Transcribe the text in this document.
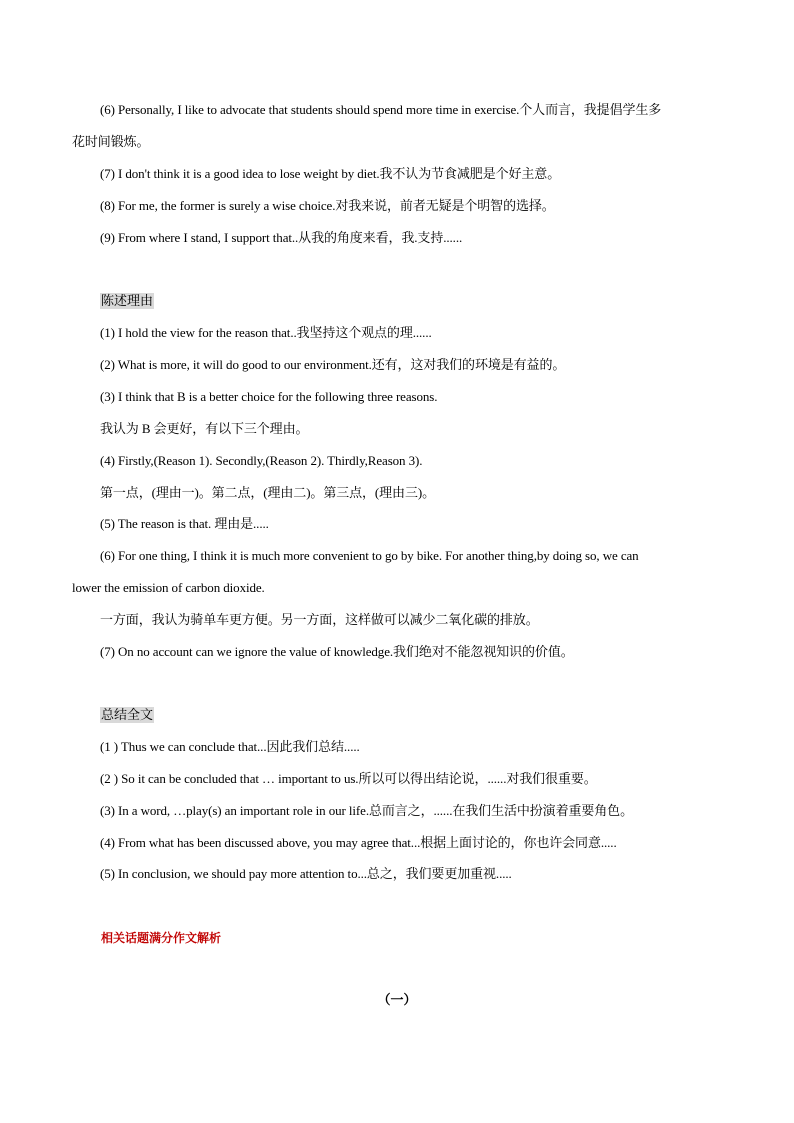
(6) Personally, I like to advocate that students should spend more time in exercise.个人而言，我提倡学生多
花时间锻炼。
(7) I don't think it is a good idea to lose weight by diet.我不认为节食减肥是个好主意。
(8) For me, the former is surely a wise choice.对我来说，前者无疑是个明智的选择。
(9) From where I stand, I support that..从我的角度来看，我.支持......
陈述理由
(1) I hold the view for the reason that..我坚持这个观点的理......
(2) What is more, it will do good to our environment.还有，这对我们的环境是有益的。
(3) I think that B is a better choice for the following three reasons.
我认为 B 会更好，有以下三个理由。
(4) Firstly,(Reason 1). Secondly,(Reason 2). Thirdly,Reason 3).
第一点，(理由一)。第二点，(理由二)。第三点，(理由三)。
(5) The reason is that. 理由是.....
(6) For one thing, I think it is much more convenient to go by bike. For another thing,by doing so, we can
lower the emission of carbon dioxide.
一方面，我认为骑单车更方便。另一方面，这样做可以减少二氧化碳的排放。
(7) On no account can we ignore the value of knowledge.我们绝对不能忽视知识的价值。
总结全文
(1 ) Thus we can conclude that...因此我们总结.....
(2 ) So it can be concluded that … important to us.所以可以得出结论说，......对我们很重要。
(3) In a word, …play(s) an important role in our life.总而言之，......在我们生活中扮演着重要角色。
(4) From what has been discussed above, you may agree that...根据上面讨论的，你也许会同意.....
(5) In conclusion, we should pay more attention to...总之，我们要更加重视.....
相关话题满分作文解析
（一）
